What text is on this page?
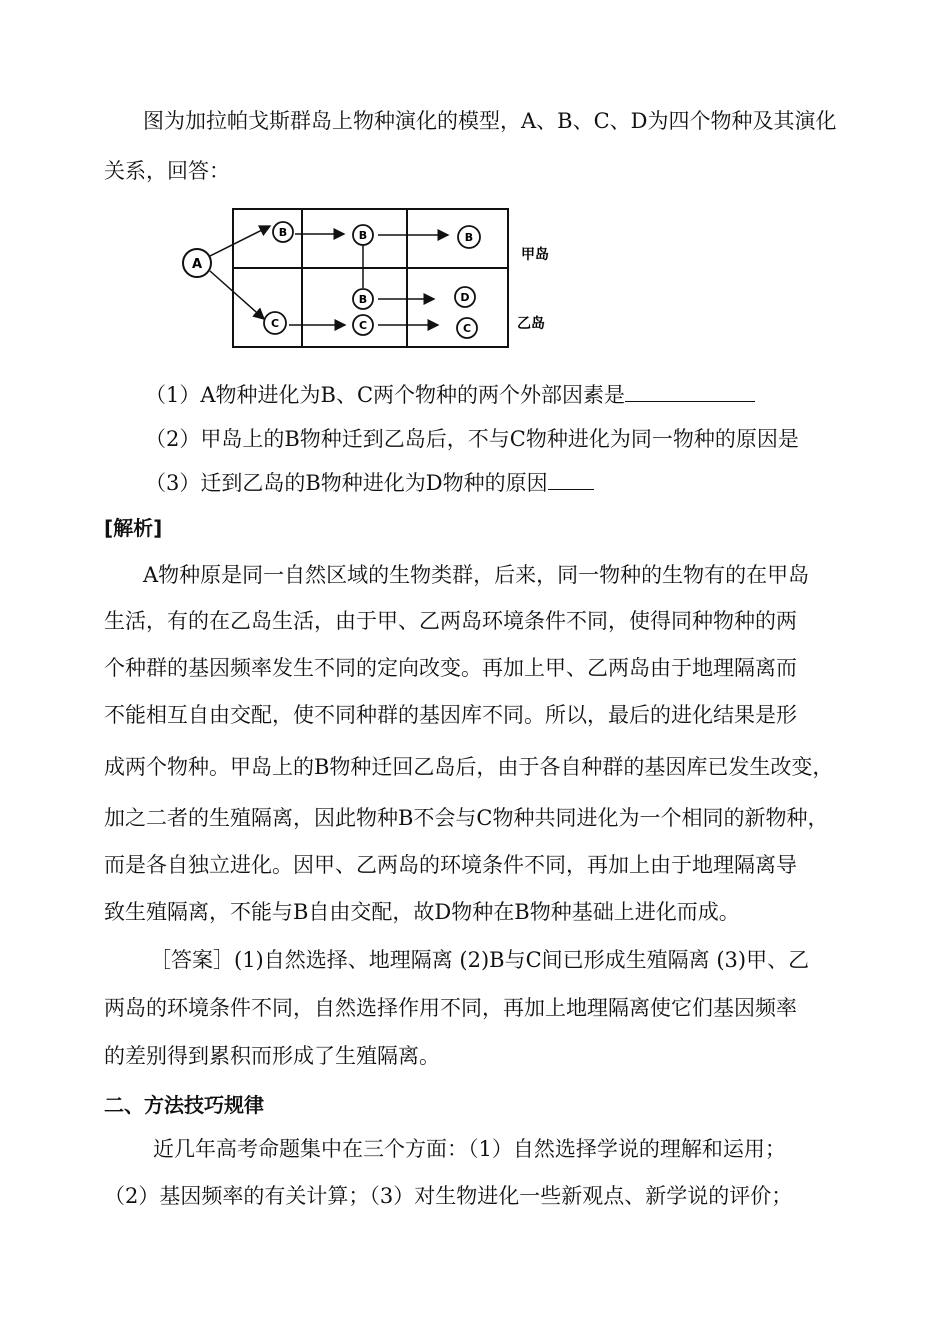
图为加拉帕戈斯群岛上物种演化的模型，A、B、C、D为四个物种及其演化
关系，回答：
A
B	B	B
B	D
C	C	C
甲岛
乙岛
（1）A物种进化为B、C两个物种的两个外部因素是
（2）甲岛上的B物种迁到乙岛后，不与C物种进化为同一物种的原因是
（3）迁到乙岛的B物种进化为D物种的原因
[解析]
A物种原是同一自然区域的生物类群，后来，同一物种的生物有的在甲岛
生活，有的在乙岛生活，由于甲、乙两岛环境条件不同，使得同种物种的两
个种群的基因频率发生不同的定向改变。再加上甲、乙两岛由于地理隔离而
不能相互自由交配，使不同种群的基因库不同。所以，最后的进化结果是形
成两个物种。甲岛上的B物种迁回乙岛后，由于各自种群的基因库已发生改变，
加之二者的生殖隔离，因此物种B不会与C物种共同进化为一个相同的新物种，
而是各自独立进化。因甲、乙两岛的环境条件不同，再加上由于地理隔离导
致生殖隔离，不能与B自由交配，故D物种在B物种基础上进化而成。
［答案］(1)自然选择、地理隔离 (2)B与C间已形成生殖隔离 (3)甲、乙
两岛的环境条件不同，自然选择作用不同，再加上地理隔离使它们基因频率
的差别得到累积而形成了生殖隔离。
二、方法技巧规律
近几年高考命题集中在三个方面：（1）自然选择学说的理解和运用；
（2）基因频率的有关计算；（3）对生物进化一些新观点、新学说的评价；
